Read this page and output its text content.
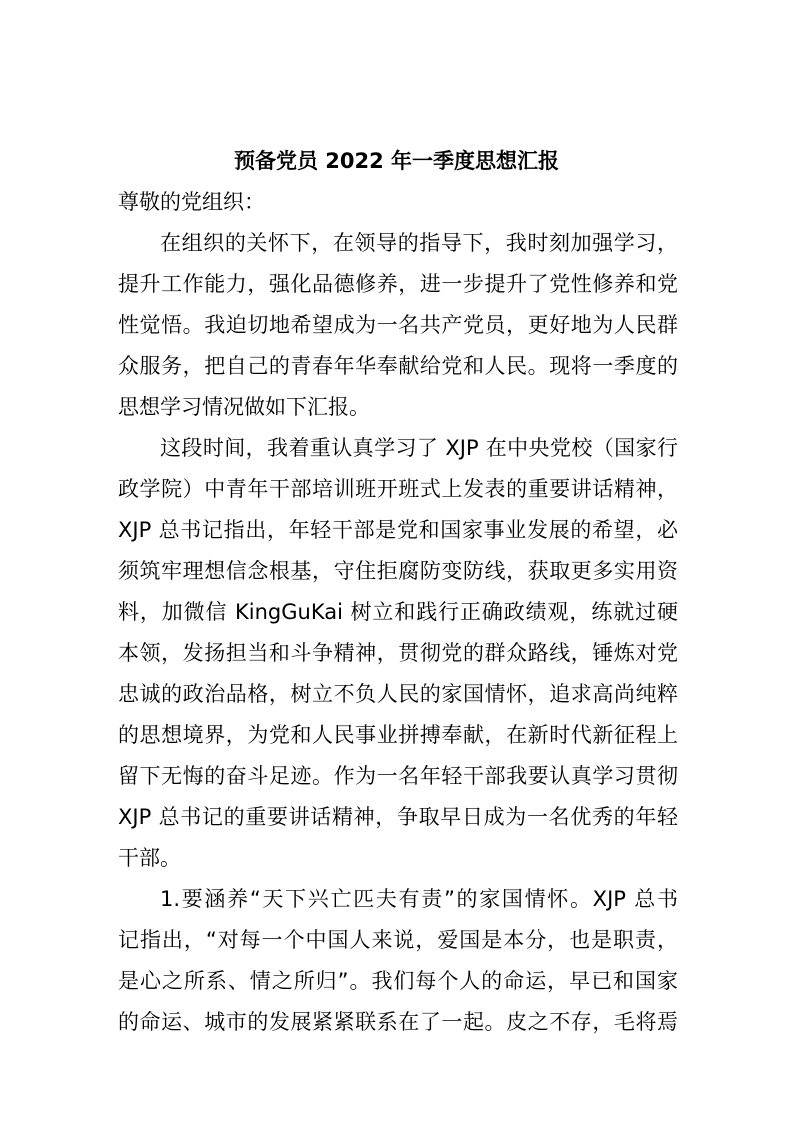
预备党员 2022 年一季度思想汇报
尊敬的党组织：
在组织的关怀下，在领导的指导下，我时刻加强学习，
提升工作能力，强化品德修养，进一步提升了党性修养和党
性觉悟。我迫切地希望成为一名共产党员，更好地为人民群
众服务，把自己的青春年华奉献给党和人民。现将一季度的
思想学习情况做如下汇报。
这段时间，我着重认真学习了 XJP 在中央党校（国家行
政学院）中青年干部培训班开班式上发表的重要讲话精神，
XJP 总书记指出，年轻干部是党和国家事业发展的希望，必
须筑牢理想信念根基，守住拒腐防变防线，获取更多实用资
料，加微信 KingGuKai 树立和践行正确政绩观，练就过硬
本领，发扬担当和斗争精神，贯彻党的群众路线，锤炼对党
忠诚的政治品格，树立不负人民的家国情怀，追求高尚纯粹
的思想境界，为党和人民事业拼搏奉献，在新时代新征程上
留下无悔的奋斗足迹。作为一名年轻干部我要认真学习贯彻
XJP 总书记的重要讲话精神，争取早日成为一名优秀的年轻
干部。
1.要涵养“天下兴亡匹夫有责”的家国情怀。XJP 总书
记指出，“对每一个中国人来说，爱国是本分，也是职责，
是心之所系、情之所归”。我们每个人的命运，早已和国家
的命运、城市的发展紧紧联系在了一起。皮之不存，毛将焉
